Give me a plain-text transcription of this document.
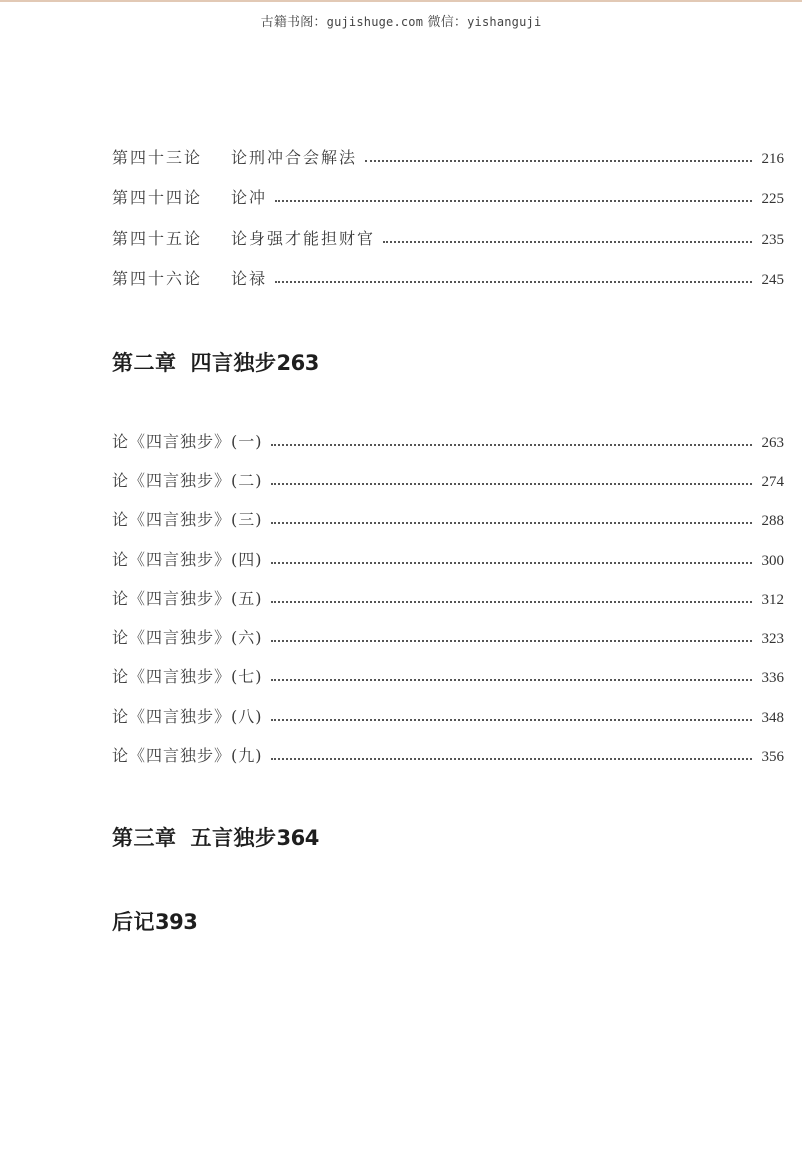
古籍书阁：gujishuge.com 微信：yishanguji
第四十三论	论刑冲合会解法	216
第四十四论	论冲	225
第四十五论	论身强才能担财官	235
第四十六论	论禄	245
第二章 四言独步263
论《四言独步》(一)	263
论《四言独步》(二)	274
论《四言独步》(三)	288
论《四言独步》(四)	300
论《四言独步》(五)	312
论《四言独步》(六)	323
论《四言独步》(七)	336
论《四言独步》(八)	348
论《四言独步》(九)	356
第三章 五言独步364
后记393
